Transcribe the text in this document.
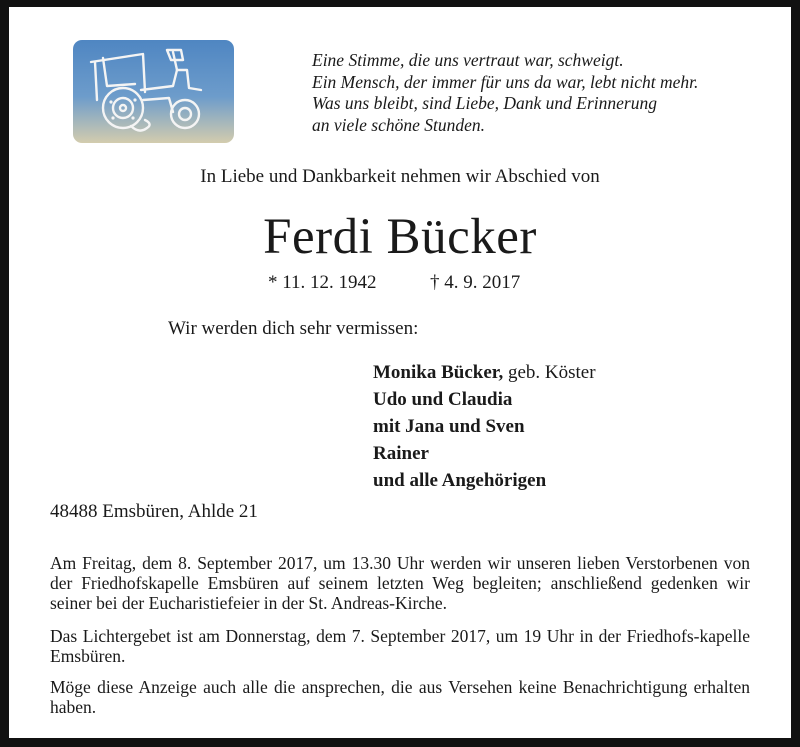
Eine Stimme, die uns vertraut war, schweigt.
Ein Mensch, der immer für uns da war, lebt nicht mehr.
Was uns bleibt, sind Liebe, Dank und Erinnerung
an viele schöne Stunden.
In Liebe und Dankbarkeit nehmen wir Abschied von
Ferdi Bücker
* 11. 12. 1942	† 4. 9. 2017
Wir werden dich sehr vermissen:
Monika Bücker, geb. Köster
Udo und Claudia
mit Jana und Sven
Rainer
und alle Angehörigen
48488 Emsbüren, Ahlde 21
Am Freitag, dem 8. September 2017, um 13.30 Uhr werden wir unseren lieben Verstorbenen von der Friedhofskapelle Emsbüren auf seinem letzten Weg begleiten; anschließend gedenken wir seiner bei der Eucharistiefeier in der St. Andreas-Kirche.
Das Lichtergebet ist am Donnerstag, dem 7. September 2017, um 19 Uhr in der Friedhofs-kapelle Emsbüren.
Möge diese Anzeige auch alle die ansprechen, die aus Versehen keine Benachrichtigung erhalten haben.
